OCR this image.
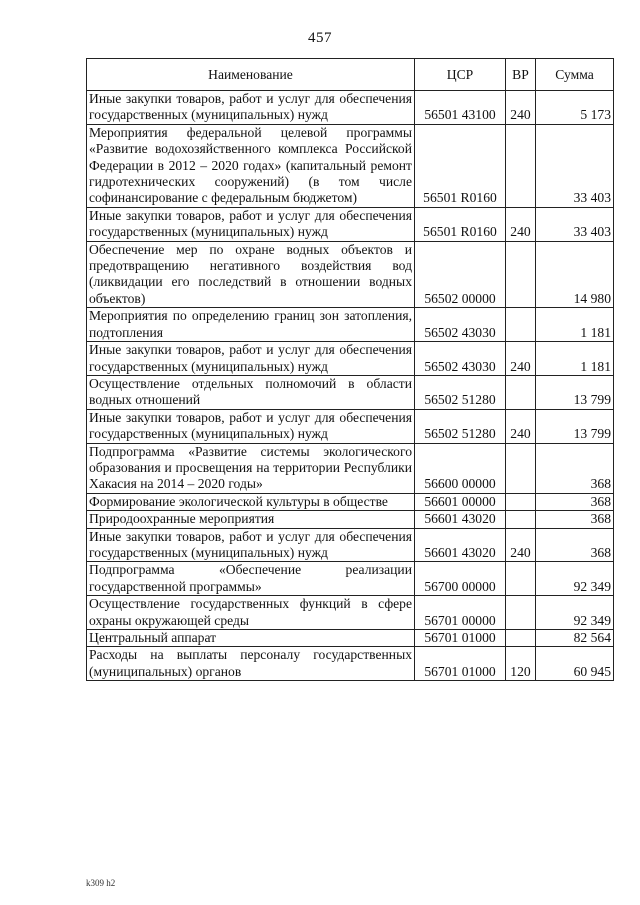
457
Наименование	ЦСР	ВР	Сумма
Иные закупки товаров, работ и услуг для обеспечения государственных (муниципальных) нужд	56501 43100	240	5 173
Мероприятия федеральной целевой программы «Развитие водохозяйственного комплекса Российской Федерации в 2012 – 2020 годах» (капитальный ремонт гидротехнических сооружений) (в том числе софинансирование с федеральным бюджетом)	56501 R0160		33 403
Иные закупки товаров, работ и услуг для обеспечения государственных (муниципальных) нужд	56501 R0160	240	33 403
Обеспечение мер по охране водных объектов и предотвращению негативного воздействия вод (ликвидации его последствий в отношении водных объектов)	56502 00000		14 980
Мероприятия по определению границ зон затопления, подтопления	56502 43030		1 181
Иные закупки товаров, работ и услуг для обеспечения государственных (муниципальных) нужд	56502 43030	240	1 181
Осуществление отдельных полномочий в области водных отношений	56502 51280		13 799
Иные закупки товаров, работ и услуг для обеспечения государственных (муниципальных) нужд	56502 51280	240	13 799
Подпрограмма «Развитие системы экологического образования и просвещения на территории Республики Хакасия на 2014 – 2020 годы»	56600 00000		368
Формирование экологической культуры в обществе	56601 00000		368
Природоохранные мероприятия	56601 43020		368
Иные закупки товаров, работ и услуг для обеспечения государственных (муниципальных) нужд	56601 43020	240	368
Подпрограмма «Обеспечение реализации государственной программы»	56700 00000		92 349
Осуществление государственных функций в сфере охраны окружающей среды	56701 00000		92 349
Центральный аппарат	56701 01000		82 564
Расходы на выплаты персоналу государственных (муниципальных) органов	56701 01000	120	60 945
k309 h2
